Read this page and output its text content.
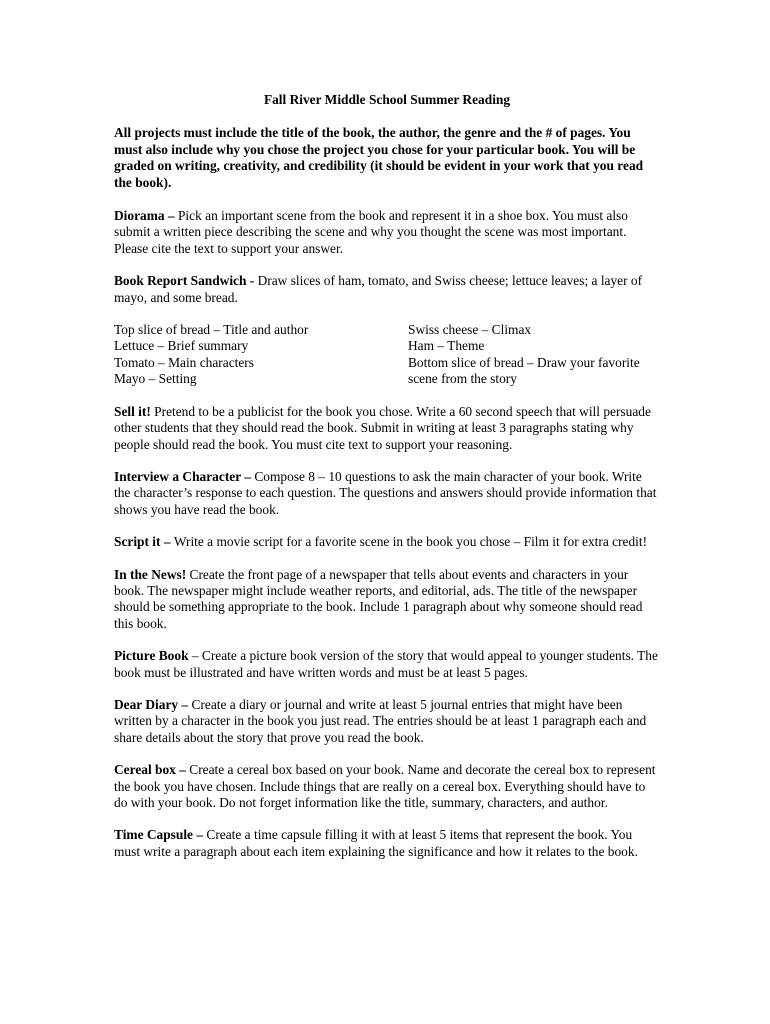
Fall River Middle School Summer Reading
All projects must include the title of the book, the author, the genre and the # of pages. You must also include why you chose the project you chose for your particular book. You will be graded on writing, creativity, and credibility (it should be evident in your work that you read the book).

Diorama – Pick an important scene from the book and represent it in a shoe box. You must also submit a written piece describing the scene and why you thought the scene was most important. Please cite the text to support your answer.

Book Report Sandwich - Draw slices of ham, tomato, and Swiss cheese; lettuce leaves; a layer of mayo, and some bread.

Top slice of bread – Title and author
Lettuce – Brief summary
Tomato – Main characters
Mayo – Setting
Swiss cheese – Climax
Ham – Theme
Bottom slice of bread – Draw your favorite
scene from the story

Sell it! Pretend to be a publicist for the book you chose. Write a 60 second speech that will persuade other students that they should read the book. Submit in writing at least 3 paragraphs stating why people should read the book. You must cite text to support your reasoning.

Interview a Character – Compose 8 – 10 questions to ask the main character of your book. Write the character’s response to each question. The questions and answers should provide information that shows you have read the book.

Script it – Write a movie script for a favorite scene in the book you chose – Film it for extra credit!

In the News! Create the front page of a newspaper that tells about events and characters in your book. The newspaper might include weather reports, and editorial, ads. The title of the newspaper should be something appropriate to the book. Include 1 paragraph about why someone should read this book.

Picture Book – Create a picture book version of the story that would appeal to younger students. The book must be illustrated and have written words and must be at least 5 pages.

Dear Diary – Create a diary or journal and write at least 5 journal entries that might have been written by a character in the book you just read. The entries should be at least 1 paragraph each and share details about the story that prove you read the book.

Cereal box – Create a cereal box based on your book. Name and decorate the cereal box to represent the book you have chosen. Include things that are really on a cereal box. Everything should have to do with your book. Do not forget information like the title, summary, characters, and author.

Time Capsule – Create a time capsule filling it with at least 5 items that represent the book. You must write a paragraph about each item explaining the significance and how it relates to the book.
